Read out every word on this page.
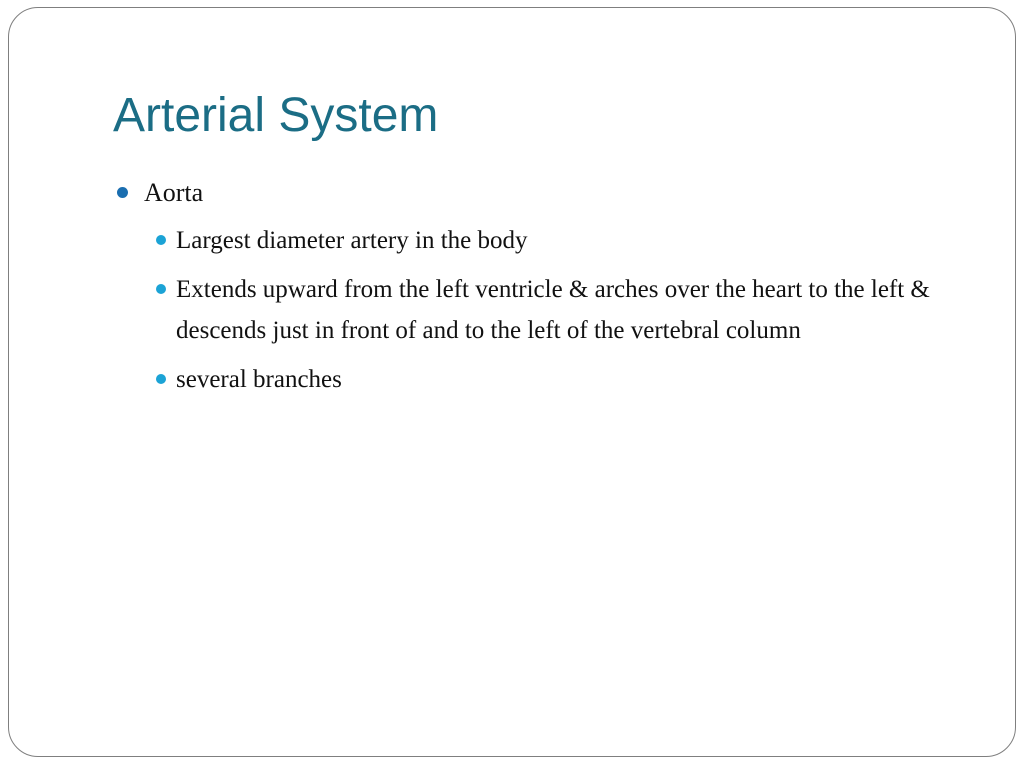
Arterial System
Aorta
Largest diameter artery in the body
Extends upward from the left ventricle & arches over the heart to the left & descends just in front of and to the left of the vertebral column
several branches
